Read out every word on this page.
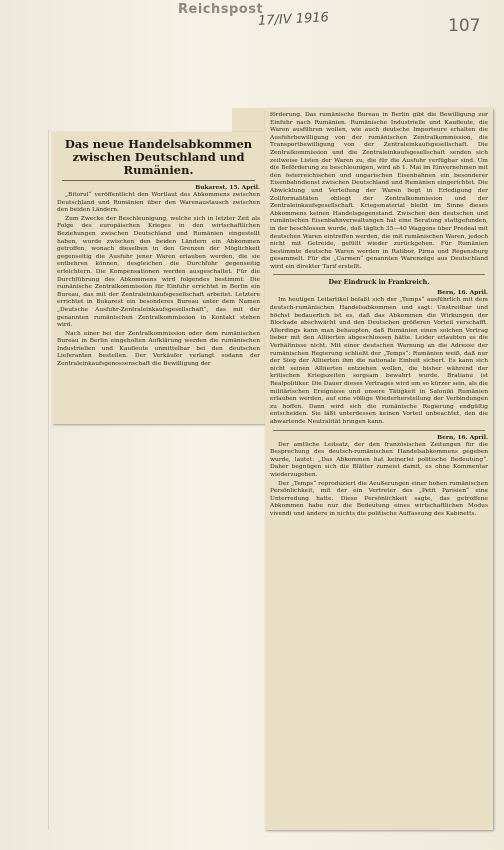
Reichspost
17/IV 1916	107
Das neue Handelsabkommen zwischen Deutschland und Rumänien.
Bukarest, 15. April.

„Bitorul“ veröffentlicht den Wortlaut des Abkommens zwischen Deutschland und Rumänien über den Warenaustausch zwischen den beiden Ländern.

Zum Zwecke der Beschleunigung, welche sich in letzter Zeit als Folge des europäischen Krieges in den wirtschaftlichen Beziehungen zwischen Deutschland und Rumänien eingestellt haben, wurde zwischen den beiden Ländern ein Abkommen getroffen, wonach dieselben in den Grenzen der Möglichkeit gegenseitig die Ausfuhr jener Waren erlauben werden, die sie entbehren können, desgleichen die Durchfuhr gegenseitig erleichtern. Die Kompensationen werden ausgeschaltet. Für die Durchführung des Abkommens wird folgendes bestimmt: Die rumänische Zentralkommission für Einfuhr errichtet in Berlin ein Bureau, das mit der Zentraleinkaufsgesellschaft arbeitet. Letztere errichtet in Bukarest ein besonderes Bureau unter dem Namen „Deutsche Ausfuhr-Zentraleinkaufsgesellschaft“, das mit der genannten rumänischen Zentralkommission in Kontakt stehen wird.

Nach einer bei der Zentralkommission oder dem rumänischen Bureau in Berlin eingeholten Aufklärung werden die rumänischen Industriellen und Kaufleute unmittelbar bei den deutschen Lieferanten bestellen. Der Verkäufer verlangt sodann der Zentraleinkaufsgenossenschaft die Bewilligung der

förderung. Das rumänische Bureau in Berlin gibt die Bewilligung zur Einfuhr nach Rumänien. Rumänische Industrielle und Kaufleute, die Waren ausführen wollen, wie auch deutsche Importeure erhalten die Ausfuhrbewilligung von der rumänischen Zentralkommission, die Transportbewilligung von der Zentraleinkaufsgesellschaft. Die Zentralkommission und die Zentraleinkaufsgesellschaft senden sich zeitweise Listen der Waren zu, die für die Ausfuhr verfügbar sind. Um die Beförderung zu beschleunigen, wird ab 1. Mai im Einvernehmen mit den österreichischen und ungarischen Eisenbahnen ein besonderer Eisenbahndienst zwischen Deutschland und Rumänien eingerichtet. Die Abwicklung und Verteilung der Waren liegt in Erledigung der Zollformalitäten obliegt der Zentralkommission und der Zentraleinkaufsgesellschaft. Kriegsmaterial bleibt im Sinne dieses Abkommens keinen Handelsgegenstand. Zwischen den deutschen und rumänischen Eisenbahnverwaltungen hat eine Beratung stattgefunden, in der beschlossen wurde, daß täglich 35—40 Waggons über Predeal mit deutschen Waren eintreffen werden, die mit rumänischen Waren, jedoch nicht mit Getreide, gefüllt wieder zurückgehen. Für Rumänien bestimmte deutsche Waren werden in Ratibor, Pirna und Regensburg gesammelt. Für die „Carmen“ genannten Warenzüge aus Deutschland wird ein direkter Tarif erstellt.

Der Eindruck in Frankreich.
Bern, 16. April.

Im heutigen Leitartikel befaßt sich der „Temps“ ausführlich mit dem deutsch-rumänischen Handelsabkommen und sagt: Unstreitbar und höchst bedauerlich ist es, daß das Abkommen die Wirkungen der Blockade abschwächt und den Deutschen größeren Vorteil verschafft. Allerdings kann man behaupten, daß Rumänien einen solchen Vertrag lieber mit den Alliierten abgeschlossen hätte. Leider erlaubten es die Verhältnisse nicht. Mit einer deutschen Warnung an die Adresse der rumänischen Regierung schließt der „Temps“: Rumänien weiß, daß nur der Sieg der Alliierten ihm die nationale Einheit sichert. Es kann sich nicht seinen Alliierten entziehen wollen, die bisher während der kritischen Kriegszeiten sorgsam bewahrt wurde. Bratianu ist Realpolitiker. Die Dauer dieses Vertrages wird um so kürzer sein, als die militärischen Ereignisse und unsere Tätigkeit in Saloniki Rumänien erlauben werden, auf eine völlige Wiederherstellung der Verbindungen zu hoffen. Dann wird sich die rumänische Regierung endgültig entscheiden. Sie läßt unterdessen keinen Vorteil unbeachtet, den die abwartende Neutralität bringen kann.

Bern, 16. April.

Der amtliche Leitsatz, der den französischen Zeitungen für die Besprechung des deutsch-rumänischen Handelsabkommens gegeben wurde, lautet: „Das Abkommen hat keinerlei politische Bedeutung“. Daher begnügen sich die Blätter zumeist damit, es ohne Kommentar wiederzugeben.

Der „Temps“ reproduziert die Aeußerungen einer hohen rumänischen Persönlichkeit, mit der ein Vertreter des „Petit Parisien“ eine Unterredung hatte. Diese Persönlichkeit sagte, das getroffene Abkommen habe nur die Bedeutung eines wirtschaftlichen Modus vivendi und ändere in nichts die politische Auffassung des Kabinetts.
